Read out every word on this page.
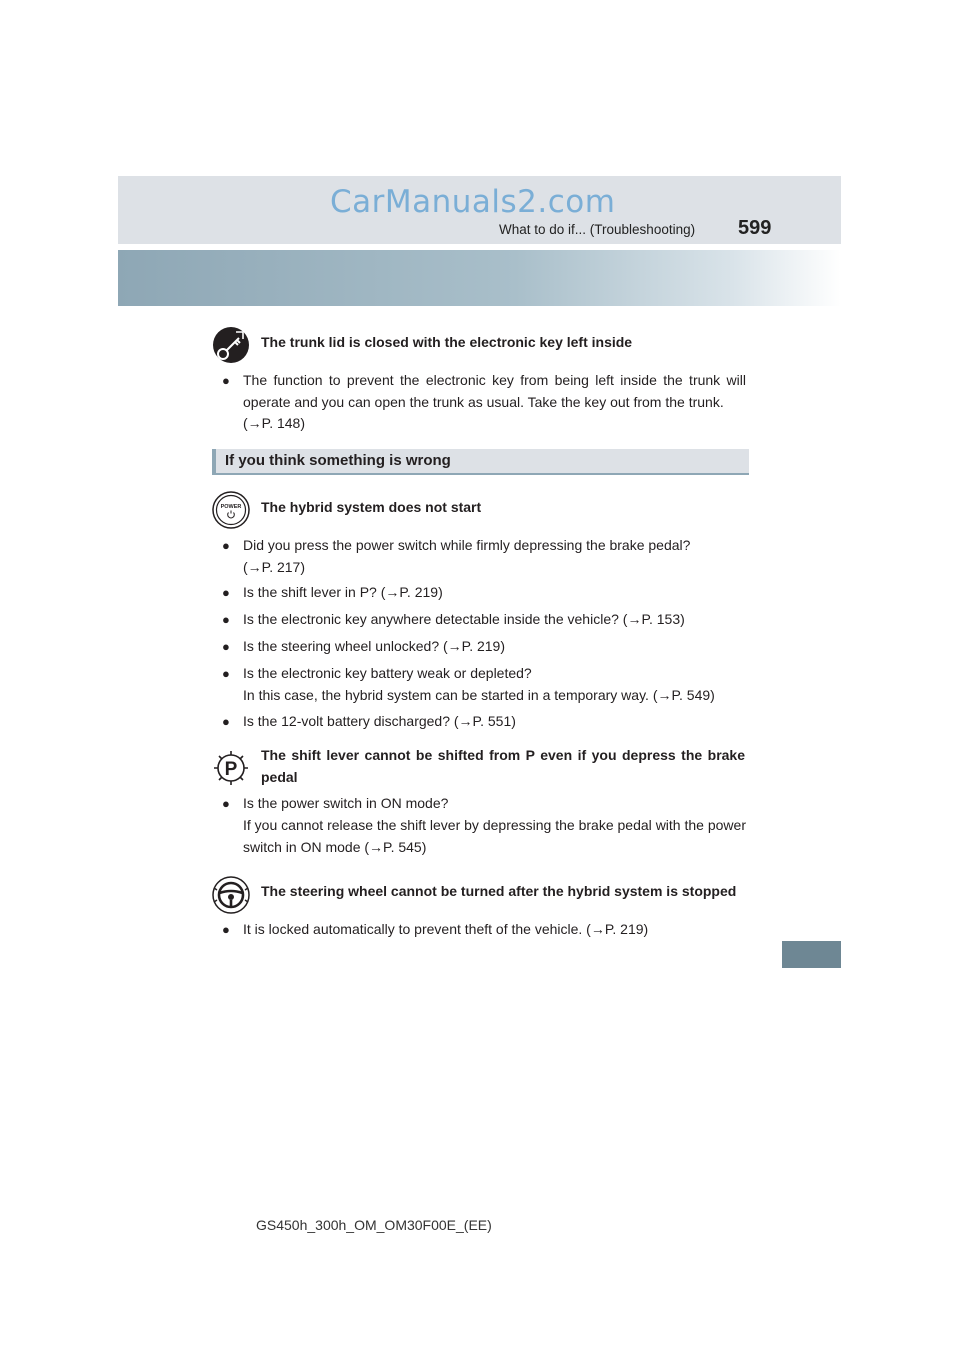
CarManuals2.com
What to do if... (Troubleshooting) 599
The trunk lid is closed with the electronic key left inside
● The function to prevent the electronic key from being left inside the trunk will operate and you can open the trunk as usual. Take the key out from the trunk.
(→P. 148)
If you think something is wrong
POWER The hybrid system does not start
● Did you press the power switch while firmly depressing the brake pedal?
(→P. 217)
● Is the shift lever in P? (→P. 219)
● Is the electronic key anywhere detectable inside the vehicle? (→P. 153)
● Is the steering wheel unlocked? (→P. 219)
● Is the electronic key battery weak or depleted?
In this case, the hybrid system can be started in a temporary way. (→P. 549)
● Is the 12-volt battery discharged? (→P. 551)
P
The shift lever cannot be shifted from P even if you depress the brake pedal
● Is the power switch in ON mode?
If you cannot release the shift lever by depressing the brake pedal with the power switch in ON mode (→P. 545)
The steering wheel cannot be turned after the hybrid system is stopped
● It is locked automatically to prevent theft of the vehicle. (→P. 219)
GS450h_300h_OM_OM30F00E_(EE)
